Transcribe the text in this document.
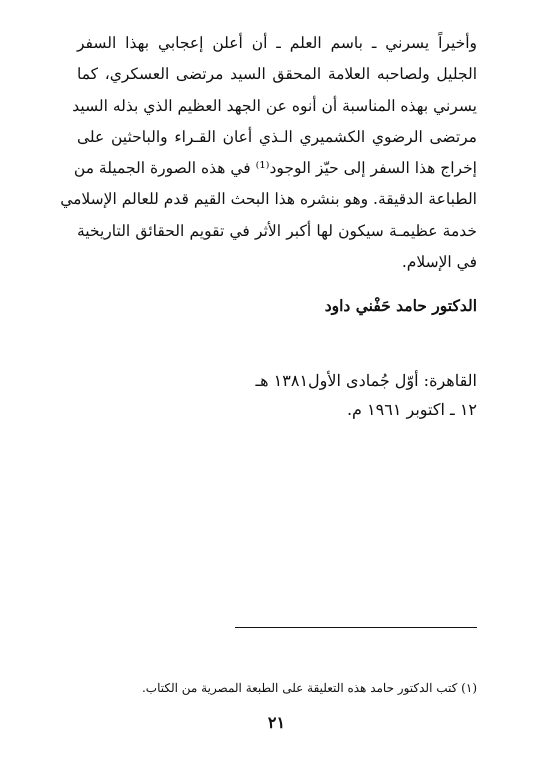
وأخيراً يسرني ـ باسم العلم ـ أن أعلن إعجابي بهذا السفر
الجليل ولصاحبه العلامة المحقق السيد مرتضى العسكري، كما
يسرني بهذه المناسبة أن أنوه عن الجهد العظيم الذي بذله السيد
مرتضى الرضوي الكشميري الـذي أعان القـراء والباحثين على
إخراج هذا السفر إلى حيّز الوجود⁽¹⁾ في هذه الصورة الجميلة من
الطباعة الدقيقة. وهو بنشره هذا البحث القيم قدم للعالم الإسلامي
خدمة عظيمـة سيكون لها أكبر الأثر في تقويم الحقائق التاريخية
في الإسلام.

الدكتور حامد حَفْني داود

القاهرة: أوّل جُمادى الأول١٣٨١ هـ
١٢ ـ اكتوبر ١٩٦١ م.

(١) كتب الدكتور حامد هذه التعليقة على الطبعة المصرية من الكتاب.

٢١
